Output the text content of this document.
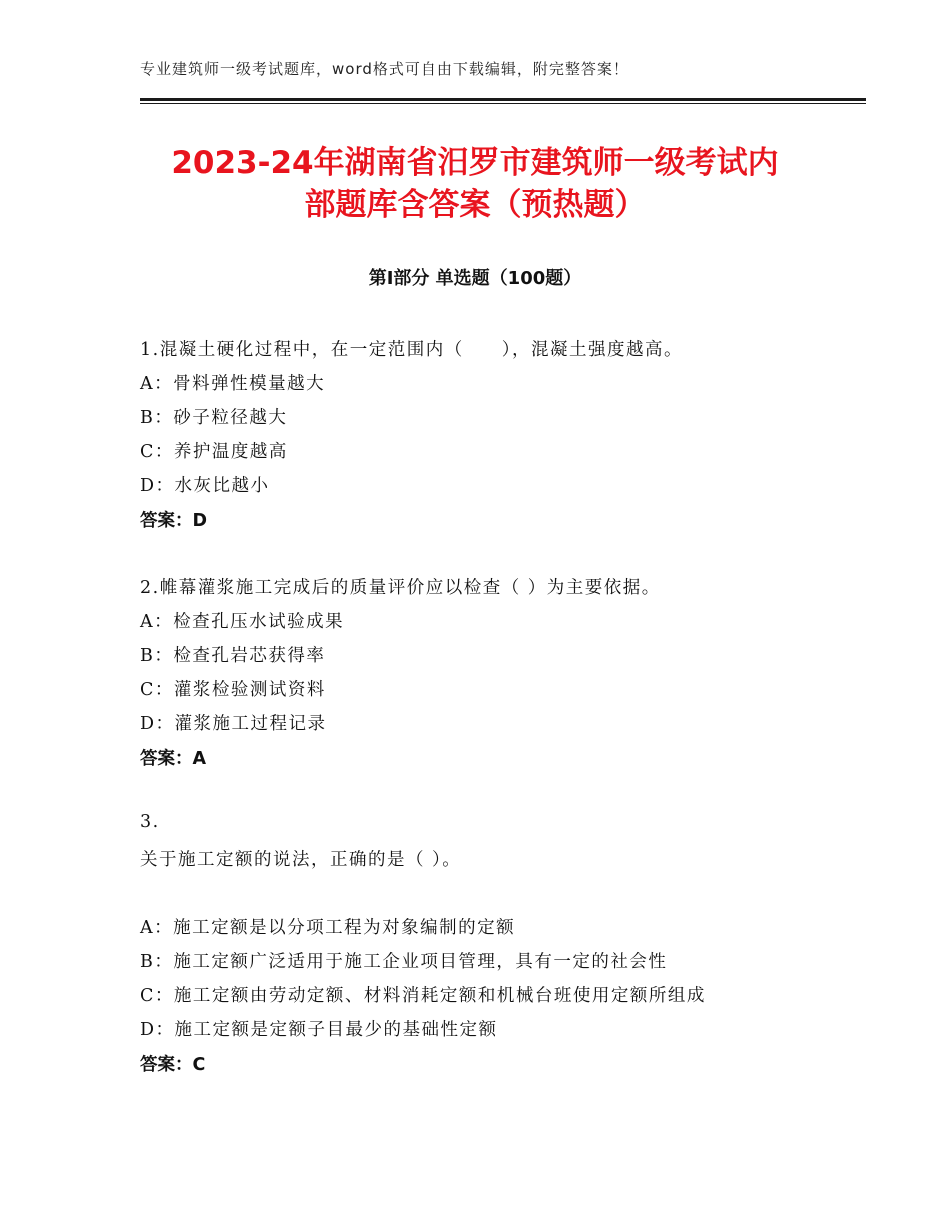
专业建筑师一级考试题库，word格式可自由下载编辑，附完整答案！
2023-24年湖南省汨罗市建筑师一级考试内
部题库含答案（预热题）
第Ⅰ部分 单选题（100题）
1.混凝土硬化过程中，在一定范围内（　　），混凝土强度越高。
A：骨料弹性模量越大
B：砂子粒径越大
C：养护温度越高
D：水灰比越小
答案：D
2.帷幕灌浆施工完成后的质量评价应以检查（ ）为主要依据。
A：检查孔压水试验成果
B：检查孔岩芯获得率
C：灌浆检验测试资料
D：灌浆施工过程记录
答案：A
3.
关于施工定额的说法，正确的是（ ）。
A：施工定额是以分项工程为对象编制的定额
B：施工定额广泛适用于施工企业项目管理，具有一定的社会性
C：施工定额由劳动定额、材料消耗定额和机械台班使用定额所组成
D：施工定额是定额子目最少的基础性定额
答案：C
